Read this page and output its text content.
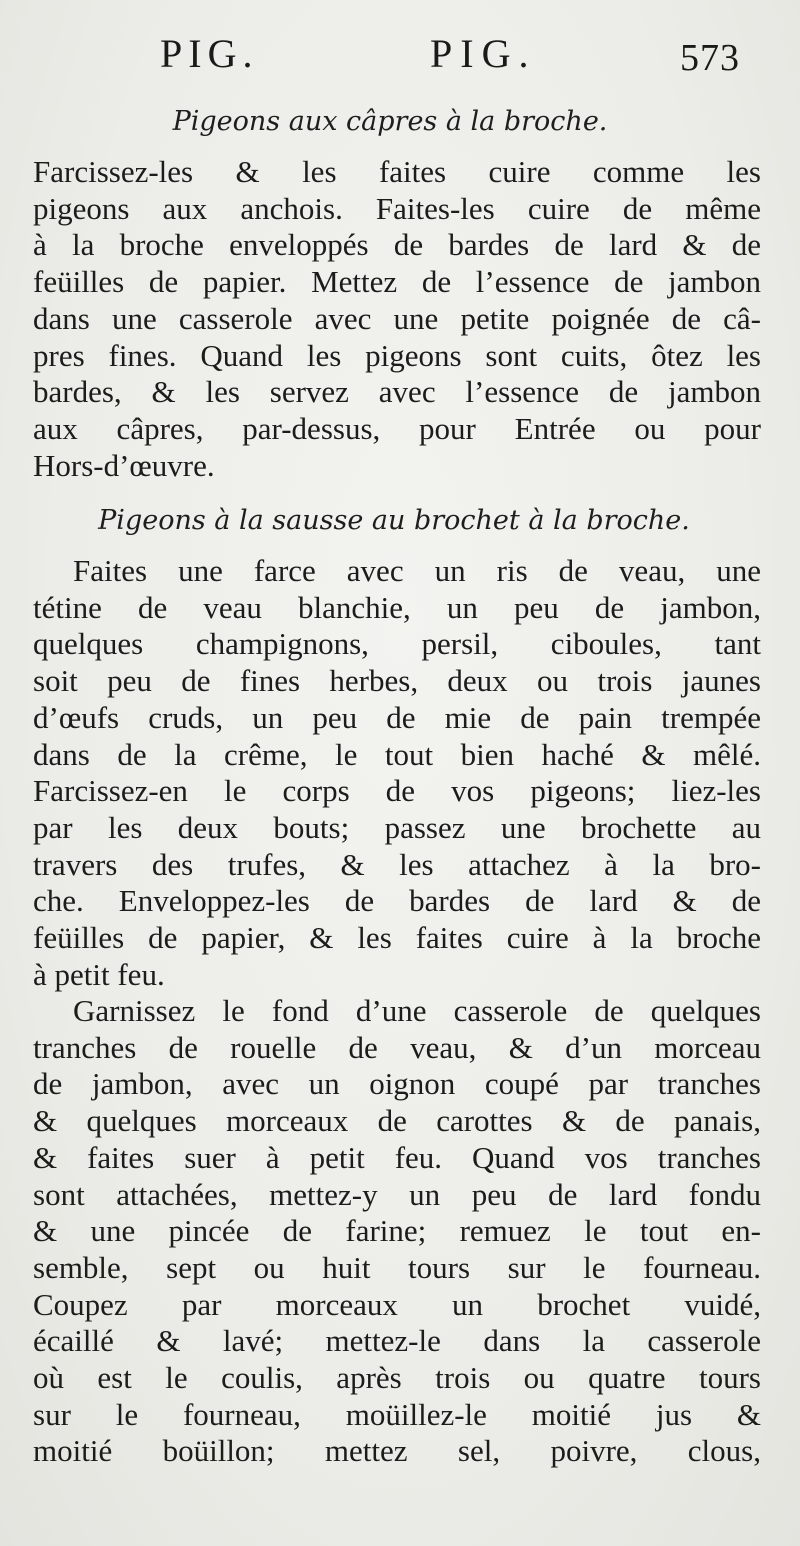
PIG.	PIG.	573
Pigeons aux câpres à la broche.

Farcissez-les & les faites cuire comme les
pigeons aux anchois. Faites-les cuire de même
à la broche enveloppés de bardes de lard & de
feüilles de papier. Mettez de l’essence de jambon
dans une casserole avec une petite poignée de câ-
pres fines. Quand les pigeons sont cuits, ôtez les
bardes, & les servez avec l’essence de jambon
aux câpres, par-dessus, pour Entrée ou pour
Hors-d’œuvre.

Pigeons à la sausse au brochet à la broche.

Faites une farce avec un ris de veau, une
tétine de veau blanchie, un peu de jambon,
quelques champignons, persil, ciboules, tant
soit peu de fines herbes, deux ou trois jaunes
d’œufs cruds, un peu de mie de pain trempée
dans de la crême, le tout bien haché & mêlé.
Farcissez-en le corps de vos pigeons; liez-les
par les deux bouts; passez une brochette au
travers des trufes, & les attachez à la bro-
che. Enveloppez-les de bardes de lard & de
feüilles de papier, & les faites cuire à la broche
à petit feu.

Garnissez le fond d’une casserole de quelques
tranches de rouelle de veau, & d’un morceau
de jambon, avec un oignon coupé par tranches
& quelques morceaux de carottes & de panais,
& faites suer à petit feu. Quand vos tranches
sont attachées, mettez-y un peu de lard fondu
& une pincée de farine; remuez le tout en-
semble, sept ou huit tours sur le fourneau.
Coupez par morceaux un brochet vuidé,
écaillé & lavé; mettez-le dans la casserole
où est le coulis, après trois ou quatre tours
sur le fourneau, moüillez-le moitié jus &
moitié boüillon; mettez sel, poivre, clous,
